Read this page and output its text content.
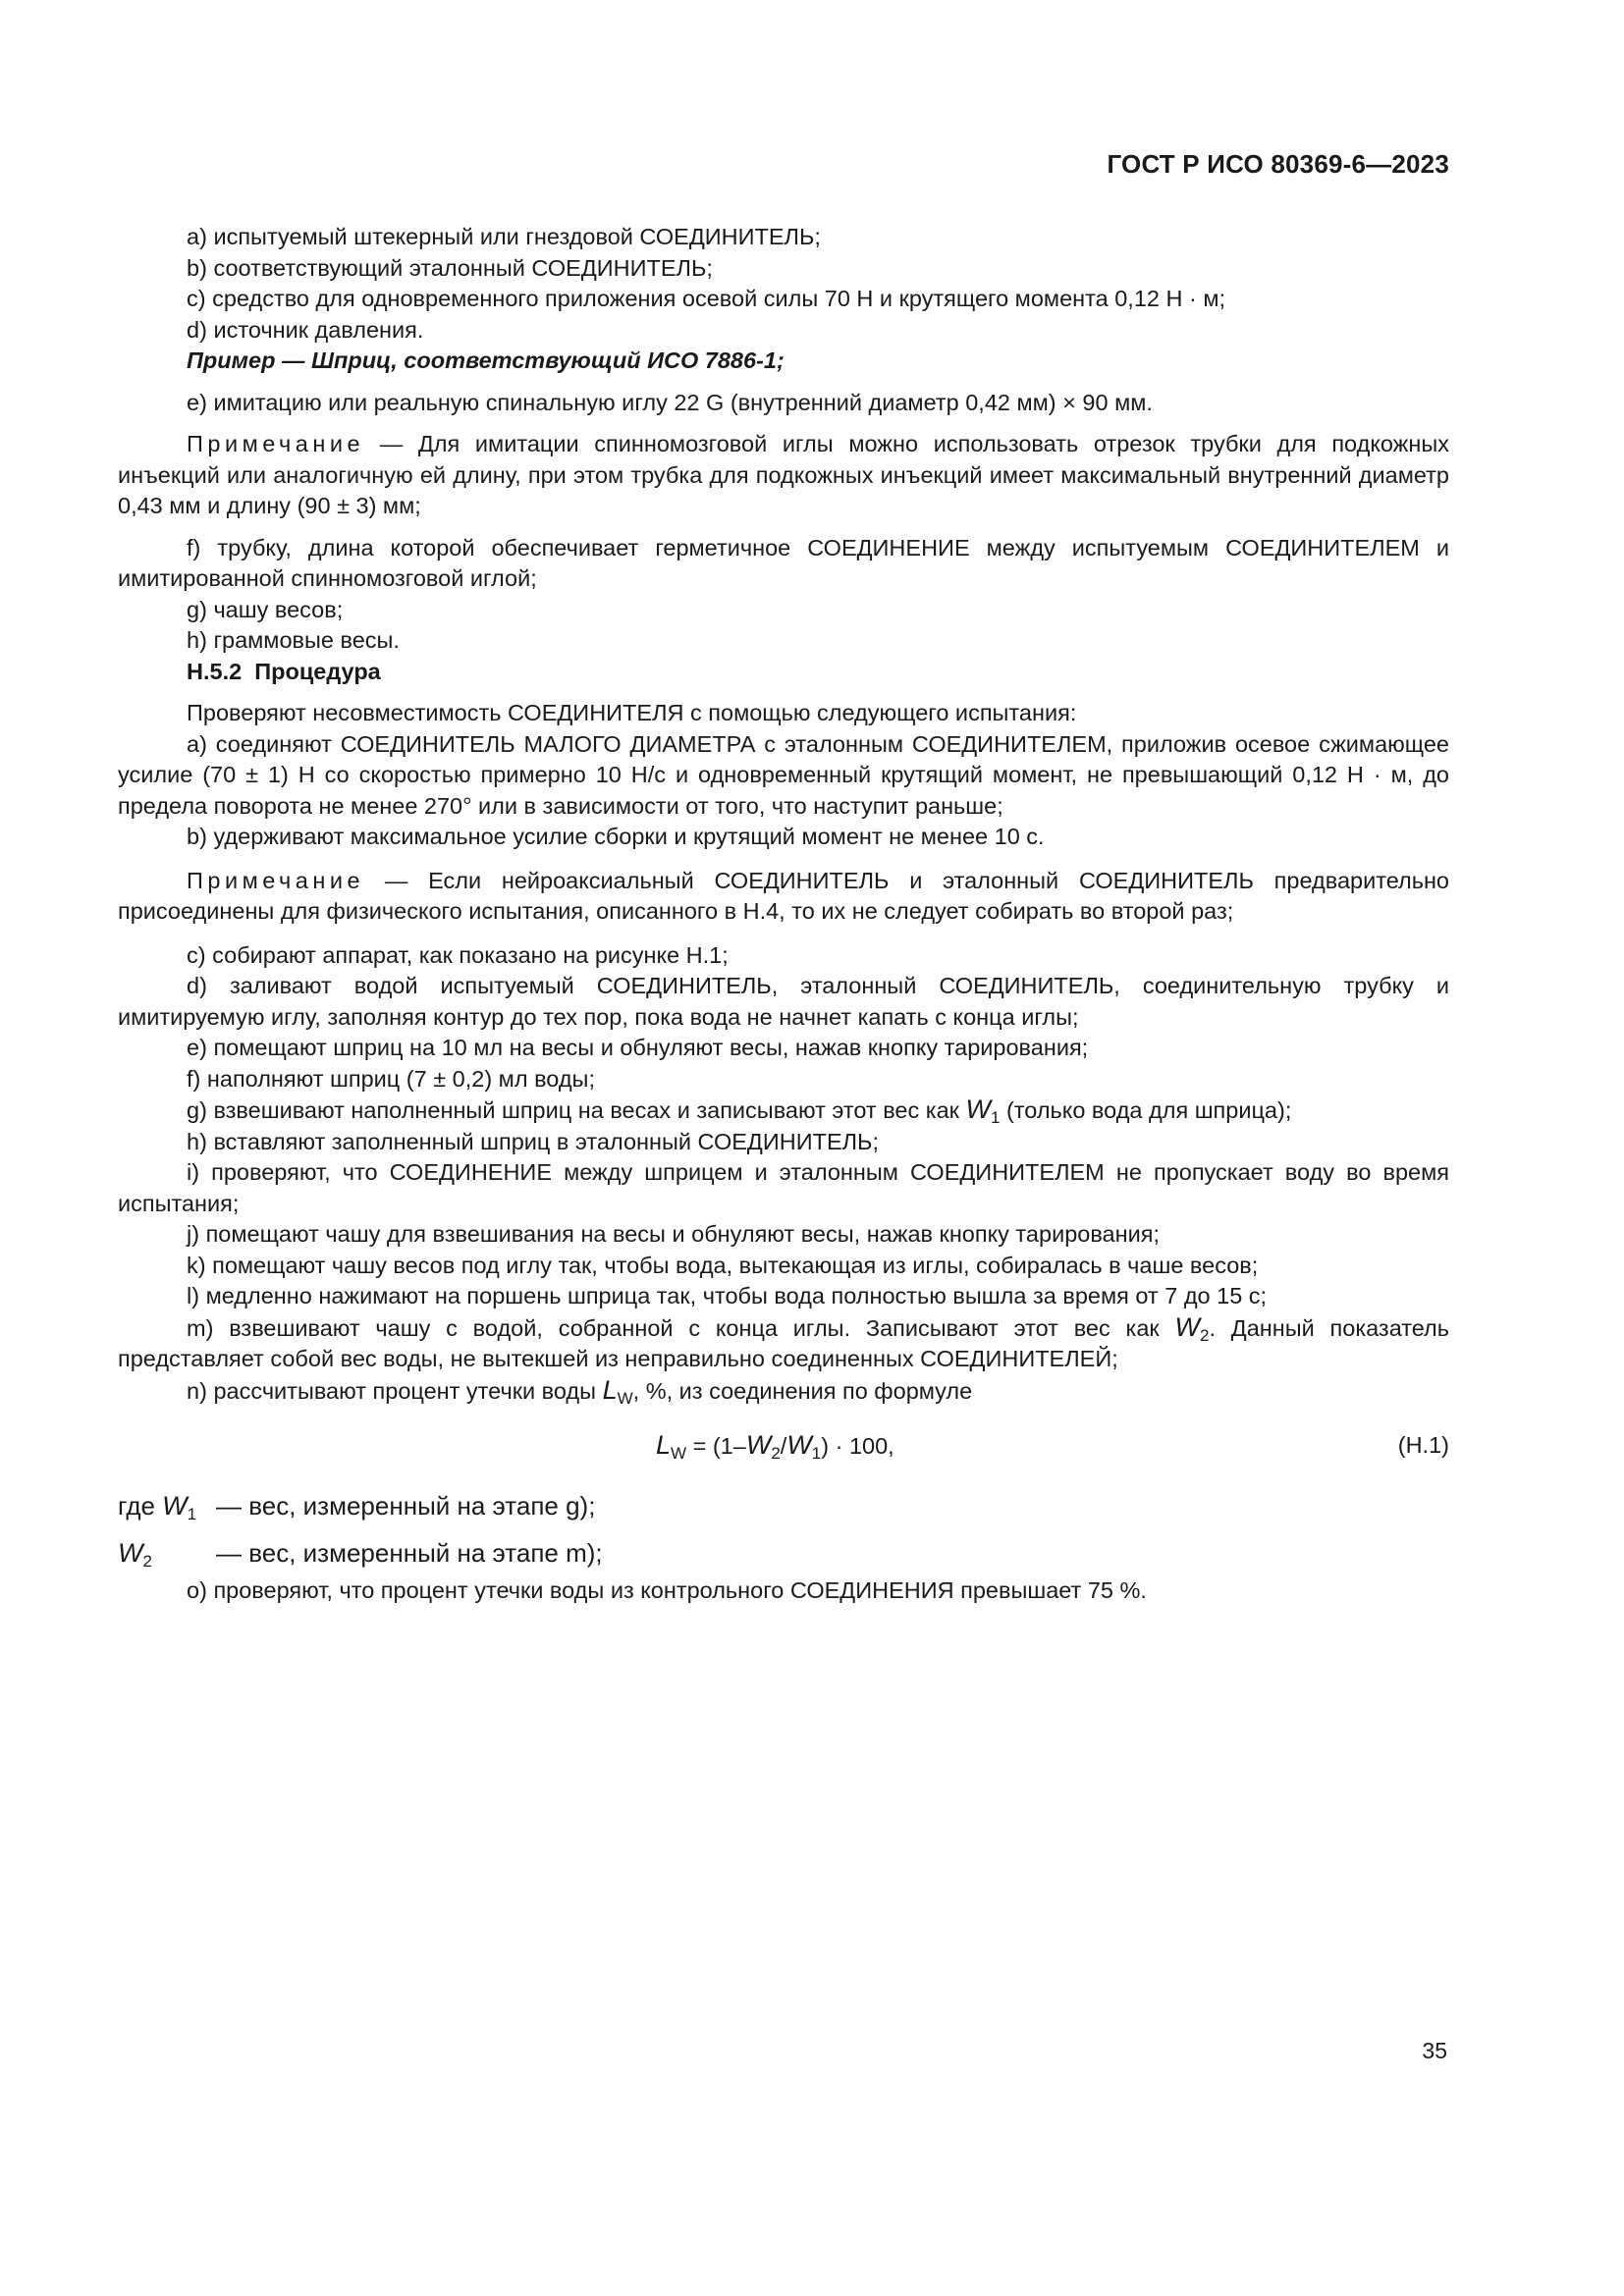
ГОСТ Р ИСО 80369-6—2023

a) испытуемый штекерный или гнездовой СОЕДИНИТЕЛЬ;

b) соответствующий эталонный СОЕДИНИТЕЛЬ;

c) средство для одновременного приложения осевой силы 70 Н и крутящего момента 0,12 Н · м;

d) источник давления.

Пример — Шприц, соответствующий ИСО 7886-1;

e) имитацию или реальную спинальную иглу 22 G (внутренний диаметр 0,42 мм) × 90 мм.

Примечание — Для имитации спинномозговой иглы можно использовать отрезок трубки для подкожных инъекций или аналогичную ей длину, при этом трубка для подкожных инъекций имеет максимальный внутренний диаметр 0,43 мм и длину (90 ± 3) мм;

f) трубку, длина которой обеспечивает герметичное СОЕДИНЕНИЕ между испытуемым СОЕДИНИТЕЛЕМ и имитированной спинномозговой иглой;

g) чашу весов;

h) граммовые весы.

H.5.2 Процедура

Проверяют несовместимость СОЕДИНИТЕЛЯ с помощью следующего испытания:

a) соединяют СОЕДИНИТЕЛЬ МАЛОГО ДИАМЕТРА с эталонным СОЕДИНИТЕЛЕМ, приложив осевое сжимающее усилие (70 ± 1) Н со скоростью примерно 10 Н/с и одновременный крутящий момент, не превышающий 0,12 Н · м, до предела поворота не менее 270° или в зависимости от того, что наступит раньше;

b) удерживают максимальное усилие сборки и крутящий момент не менее 10 с.

Примечание — Если нейроаксиальный СОЕДИНИТЕЛЬ и эталонный СОЕДИНИТЕЛЬ предварительно присоединены для физического испытания, описанного в Н.4, то их не следует собирать во второй раз;

c) собирают аппарат, как показано на рисунке Н.1;

d) заливают водой испытуемый СОЕДИНИТЕЛЬ, эталонный СОЕДИНИТЕЛЬ, соединительную трубку и имитируемую иглу, заполняя контур до тех пор, пока вода не начнет капать с конца иглы;

e) помещают шприц на 10 мл на весы и обнуляют весы, нажав кнопку тарирования;

f) наполняют шприц (7 ± 0,2) мл воды;

g) взвешивают наполненный шприц на весах и записывают этот вес как $W_1$ (только вода для шприца);

h) вставляют заполненный шприц в эталонный СОЕДИНИТЕЛЬ;

i) проверяют, что СОЕДИНЕНИЕ между шприцем и эталонным СОЕДИНИТЕЛЕМ не пропускает воду во время испытания;

j) помещают чашу для взвешивания на весы и обнуляют весы, нажав кнопку тарирования;

k) помещают чашу весов под иглу так, чтобы вода, вытекающая из иглы, собиралась в чаше весов;

l) медленно нажимают на поршень шприца так, чтобы вода полностью вышла за время от 7 до 15 с;

m) взвешивают чашу с водой, собранной с конца иглы. Записывают этот вес как $W_2$. Данный показатель представляет собой вес воды, не вытекшей из неправильно соединенных СОЕДИНИТЕЛЕЙ;

n) рассчитывают процент утечки воды $L_W$, %, из соединения по формуле

$L_W = (1-W_2/W_1) \cdot 100$,	(Н.1)
где $W_1$ — вес, измеренный на этапе g);
$W_2$	— вес, измеренный на этапе m);

о) проверяют, что процент утечки воды из контрольного СОЕДИНЕНИЯ превышает 75 %.

35
